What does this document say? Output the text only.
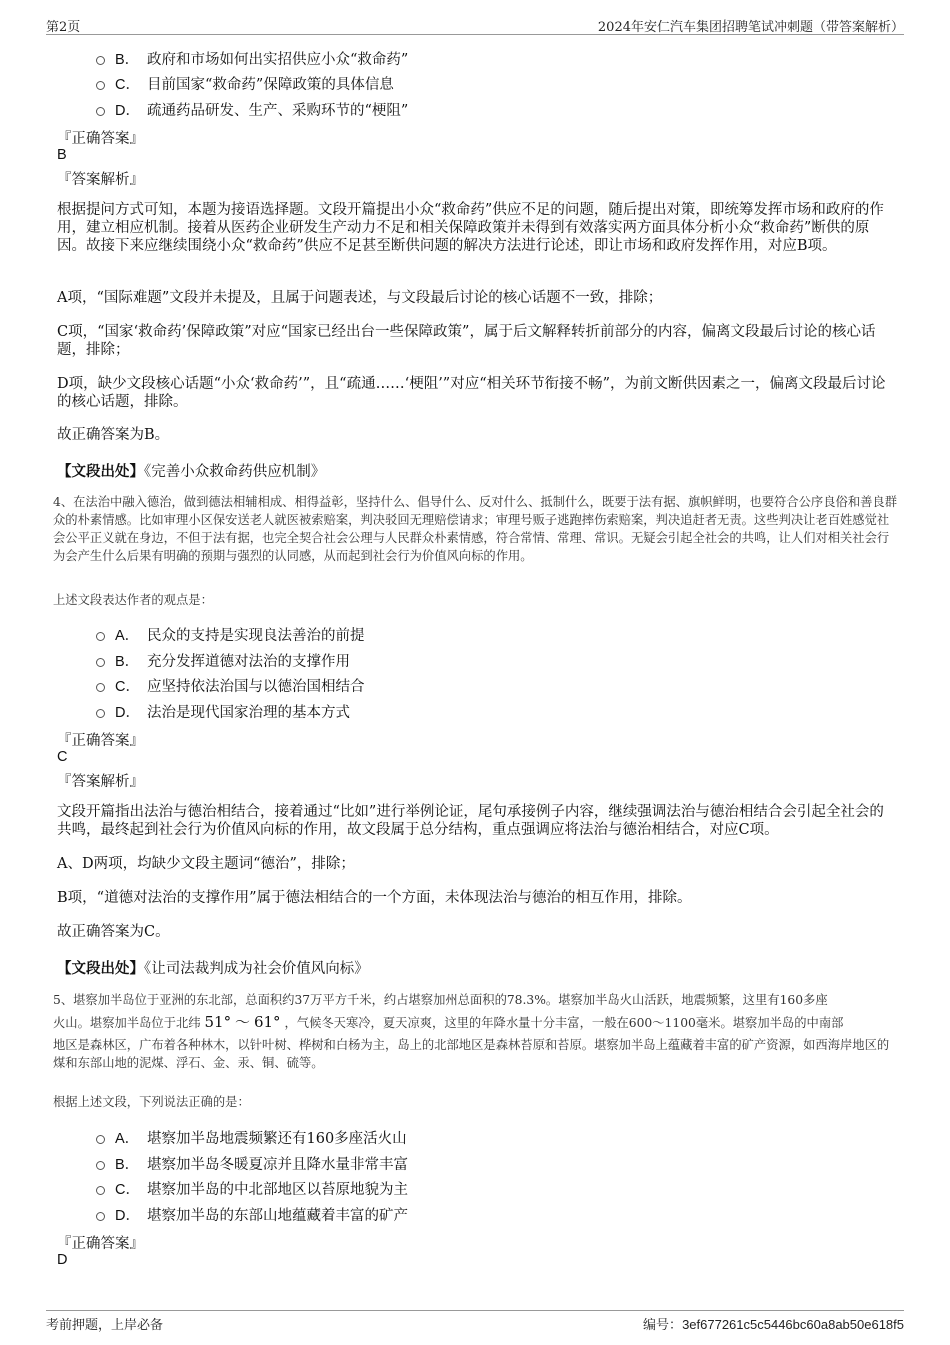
第2页	2024年安仁汽车集团招聘笔试冲刺题（带答案解析）
B． 政府和市场如何出实招供应小众“救命药”
C． 目前国家“救命药”保障政策的具体信息
D． 疏通药品研发、生产、采购环节的“梗阻”
『正确答案』
B
『答案解析』
根据提问方式可知，本题为接语选择题。文段开篇提出小众“救命药”供应不足的问题，随后提出对策，即统筹发挥市场和政府的作用，建立相应机制。接着从医药企业研发生产动力不足和相关保障政策并未得到有效落实两方面具体分析小众“救命药”断供的原因。故接下来应继续围绕小众“救命药”供应不足甚至断供问题的解决方法进行论述，即让市场和政府发挥作用，对应B项。
A项，“国际难题”文段并未提及，且属于问题表述，与文段最后讨论的核心话题不一致，排除；
C项，“国家‘救命药’保障政策”对应“国家已经出台一些保障政策”，属于后文解释转折前部分的内容，偏离文段最后讨论的核心话题，排除；
D项，缺少文段核心话题“小众‘救命药’”，且“疏通……‘梗阻’”对应“相关环节衔接不畅”，为前文断供因素之一，偏离文段最后讨论的核心话题，排除。
故正确答案为B。
【文段出处】《完善小众救命药供应机制》
4、在法治中融入德治，做到德法相辅相成、相得益彰，坚持什么、倡导什么、反对什么、抵制什么，既要于法有据、旗帜鲜明，也要符合公序良俗和善良群众的朴素情感。比如审理小区保安送老人就医被索赔案，判决驳回无理赔偿请求；审理号贩子逃跑摔伤索赔案，判决追赶者无责。这些判决让老百姓感觉社会公平正义就在身边，不但于法有据，也完全契合社会公理与人民群众朴素情感，符合常情、常理、常识。无疑会引起全社会的共鸣，让人们对相关社会行为会产生什么后果有明确的预期与强烈的认同感，从而起到社会行为价值风向标的作用。
上述文段表达作者的观点是：
A． 民众的支持是实现良法善治的前提
B． 充分发挥道德对法治的支撑作用
C． 应坚持依法治国与以德治国相结合
D． 法治是现代国家治理的基本方式
『正确答案』
C
『答案解析』
文段开篇指出法治与德治相结合，接着通过“比如”进行举例论证，尾句承接例子内容，继续强调法治与德治相结合会引起全社会的共鸣，最终起到社会行为价值风向标的作用，故文段属于总分结构，重点强调应将法治与德治相结合，对应C项。
A、D两项，均缺少文段主题词“德治”，排除；
B项，“道德对法治的支撑作用”属于德法相结合的一个方面，未体现法治与德治的相互作用，排除。
故正确答案为C。
【文段出处】《让司法裁判成为社会价值风向标》
5、堪察加半岛位于亚洲的东北部，总面积约37万平方千米，约占堪察加州总面积的78.3%。堪察加半岛火山活跃，地震频繁，这里有160多座
火山。堪察加半岛位于北纬 51° ～ 61° ，气候冬天寒冷，夏天凉爽，这里的年降水量十分丰富，一般在600～1100毫米。堪察加半岛的中南部
地区是森林区，广布着各种林木，以针叶树、桦树和白杨为主，岛上的北部地区是森林苔原和苔原。堪察加半岛上蕴藏着丰富的矿产资源，如西海岸地区的煤和东部山地的泥煤、浮石、金、汞、铜、硫等。
根据上述文段，下列说法正确的是：
A． 堪察加半岛地震频繁还有160多座活火山
B． 堪察加半岛冬暖夏凉并且降水量非常丰富
C． 堪察加半岛的中北部地区以苔原地貌为主
D． 堪察加半岛的东部山地蕴藏着丰富的矿产
『正确答案』
D
考前押题，上岸必备	编号：3ef677261c5c5446bc60a8ab50e618f5
